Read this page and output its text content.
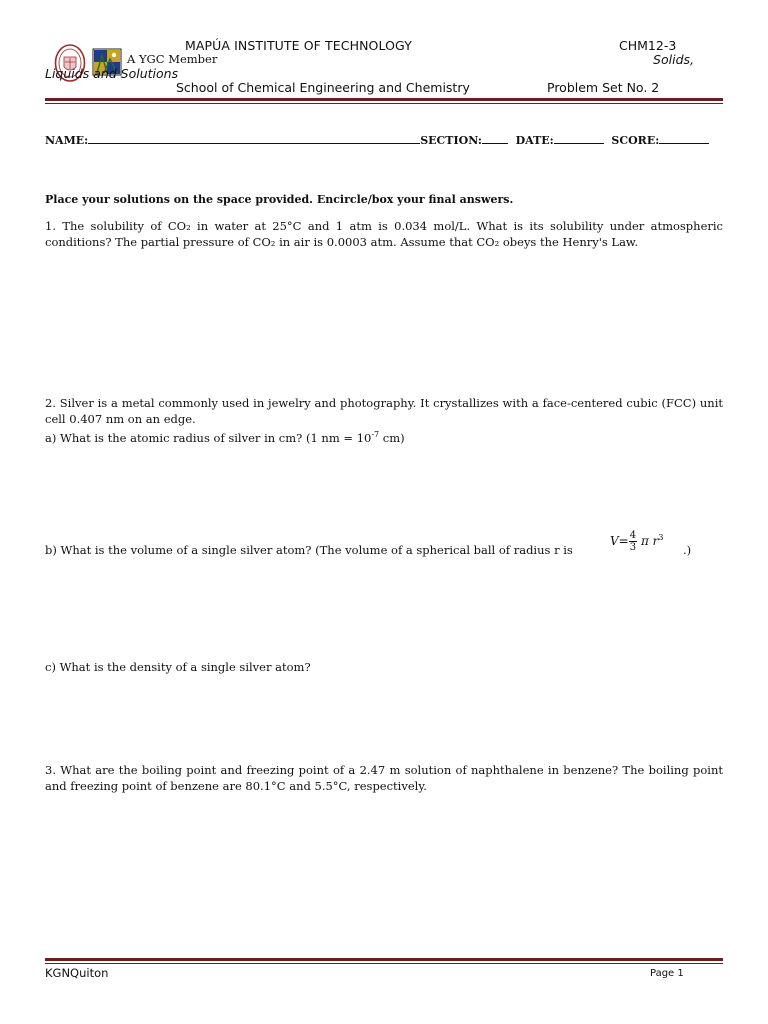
MAPÚA INSTITUTE OF TECHNOLOGY	CHM12-3
A YGC Member	Solids,
Liquids and Solutions
School of Chemical Engineering and Chemistry	Problem Set No. 2
NAME:	SECTION:	DATE:	SCORE:
Place your solutions on the space provided. Encircle/box your final answers.
1. The solubility of CO₂ in water at 25°C and 1 atm is 0.034 mol/L. What is its solubility under atmospheric conditions? The partial pressure of CO₂ in air is 0.0003 atm. Assume that CO₂ obeys the Henry's Law.
2. Silver is a metal commonly used in jewelry and photography. It crystallizes with a face-centered cubic (FCC) unit cell 0.407 nm on an edge.
a) What is the atomic radius of silver in cm? (1 nm = $10^{-7}$ cm)
b) What is the volume of a single silver atom? (The volume of a spherical ball of radius r is
$V= \frac{4}{3}$ π $r^3$
.)
c) What is the density of a single silver atom?
3. What are the boiling point and freezing point of a 2.47 m solution of naphthalene in benzene? The boiling point and freezing point of benzene are 80.1°C and 5.5°C, respectively.
KGNQuiton	Page 1
